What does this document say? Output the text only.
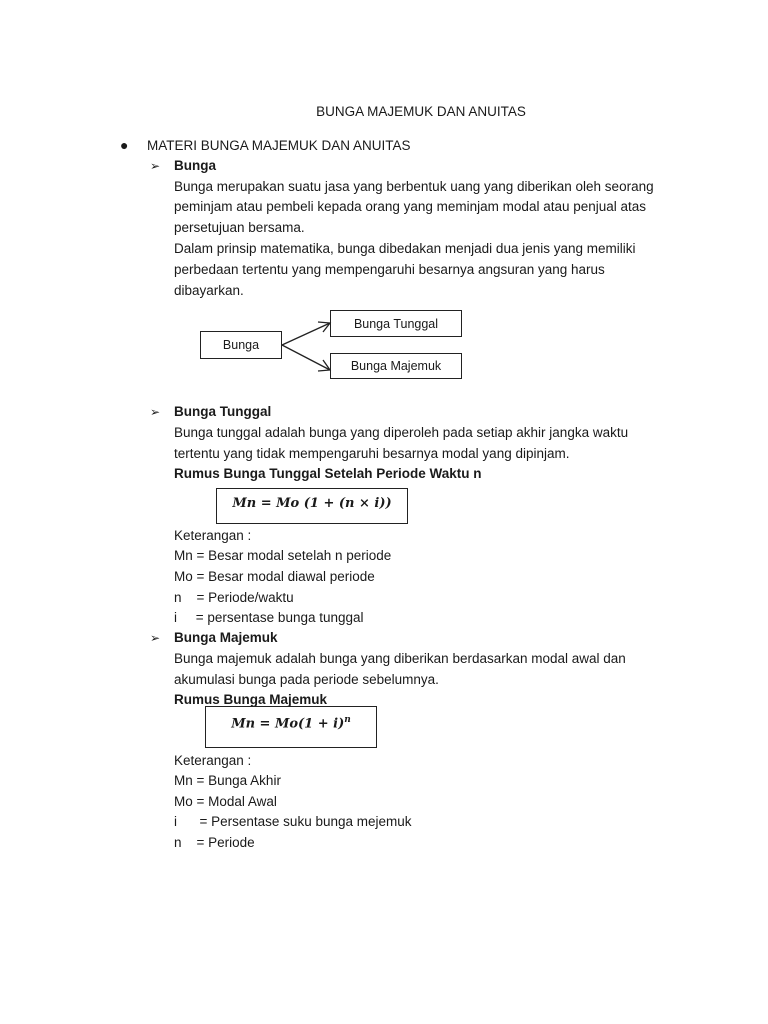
BUNGA MAJEMUK DAN ANUITAS
● MATERI BUNGA MAJEMUK DAN ANUITAS
➢ Bunga
Bunga merupakan suatu jasa yang berbentuk uang yang diberikan oleh seorang
peminjam atau pembeli kepada orang yang meminjam modal atau penjual atas
persetujuan bersama.
Dalam prinsip matematika, bunga dibedakan menjadi dua jenis yang memiliki
perbedaan tertentu yang mempengaruhi besarnya angsuran yang harus
dibayarkan.
Bunga
Bunga Tunggal
Bunga Majemuk
➢ Bunga Tunggal
Bunga tunggal adalah bunga yang diperoleh pada setiap akhir jangka waktu
tertentu yang tidak mempengaruhi besarnya modal yang dipinjam.
Rumus Bunga Tunggal Setelah Periode Waktu n
Mn = Mo (1 + (n × i))
Keterangan :
Mn = Besar modal setelah n periode
Mo = Besar modal diawal periode
n    = Periode/waktu
i     = persentase bunga tunggal
➢ Bunga Majemuk
Bunga majemuk adalah bunga yang diberikan berdasarkan modal awal dan
akumulasi bunga pada periode sebelumnya.
Rumus Bunga Majemuk
$Mn = Mo(1 + i)^n$
Keterangan :
Mn = Bunga Akhir
Mo = Modal Awal
i      = Persentase suku bunga mejemuk
n    = Periode
